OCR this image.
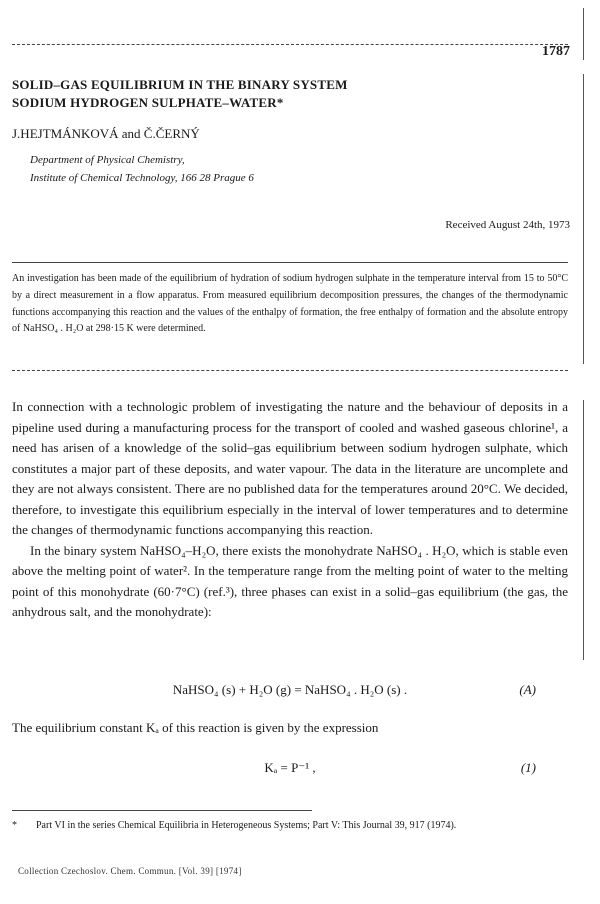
1787
SOLID–GAS EQUILIBRIUM IN THE BINARY SYSTEM
SODIUM HYDROGEN SULPHATE–WATER*
J.HEJTMÁNKOVÁ and Č.ČERNÝ
Department of Physical Chemistry,
Institute of Chemical Technology, 166 28 Prague 6
Received August 24th, 1973
An investigation has been made of the equilibrium of hydration of sodium hydrogen sulphate in the temperature interval from 15 to 50°C by a direct measurement in a flow apparatus. From measured equilibrium decomposition pressures, the changes of the thermodynamic functions accompanying this reaction and the values of the enthalpy of formation, the free enthalpy of formation and the absolute entropy of NaHSO₄ . H₂O at 298·15 K were determined.

In connection with a technologic problem of investigating the nature and the behaviour of deposits in a pipeline used during a manufacturing process for the transport of cooled and washed gaseous chlorine¹, a need has arisen of a knowledge of the solid–gas equilibrium between sodium hydrogen sulphate, which constitutes a major part of these deposits, and water vapour. The data in the literature are uncomplete and they are not always consistent. There are no published data for the temperatures around 20°C. We decided, therefore, to investigate this equilibrium especially in the interval of lower temperatures and to determine the changes of thermodynamic functions accompanying this reaction.

In the binary system NaHSO₄–H₂O, there exists the monohydrate NaHSO₄ . H₂O, which is stable even above the melting point of water². In the temperature range from the melting point of water to the melting point of this monohydrate (60·7°C) (ref.³), three phases can exist in a solid–gas equilibrium (the gas, the anhydrous salt, and the monohydrate):

NaHSO₄ (s) + H₂O (g) = NaHSO₄ . H₂O (s) .	(A)

The equilibrium constant Kₐ of this reaction is given by the expression

Kₐ = P⁻¹ ,	(1)
* Part VI in the series Chemical Equilibria in Heterogeneous Systems; Part V: This Journal 39, 917 (1974).
Collection Czechoslov. Chem. Commun. [Vol. 39] [1974]
